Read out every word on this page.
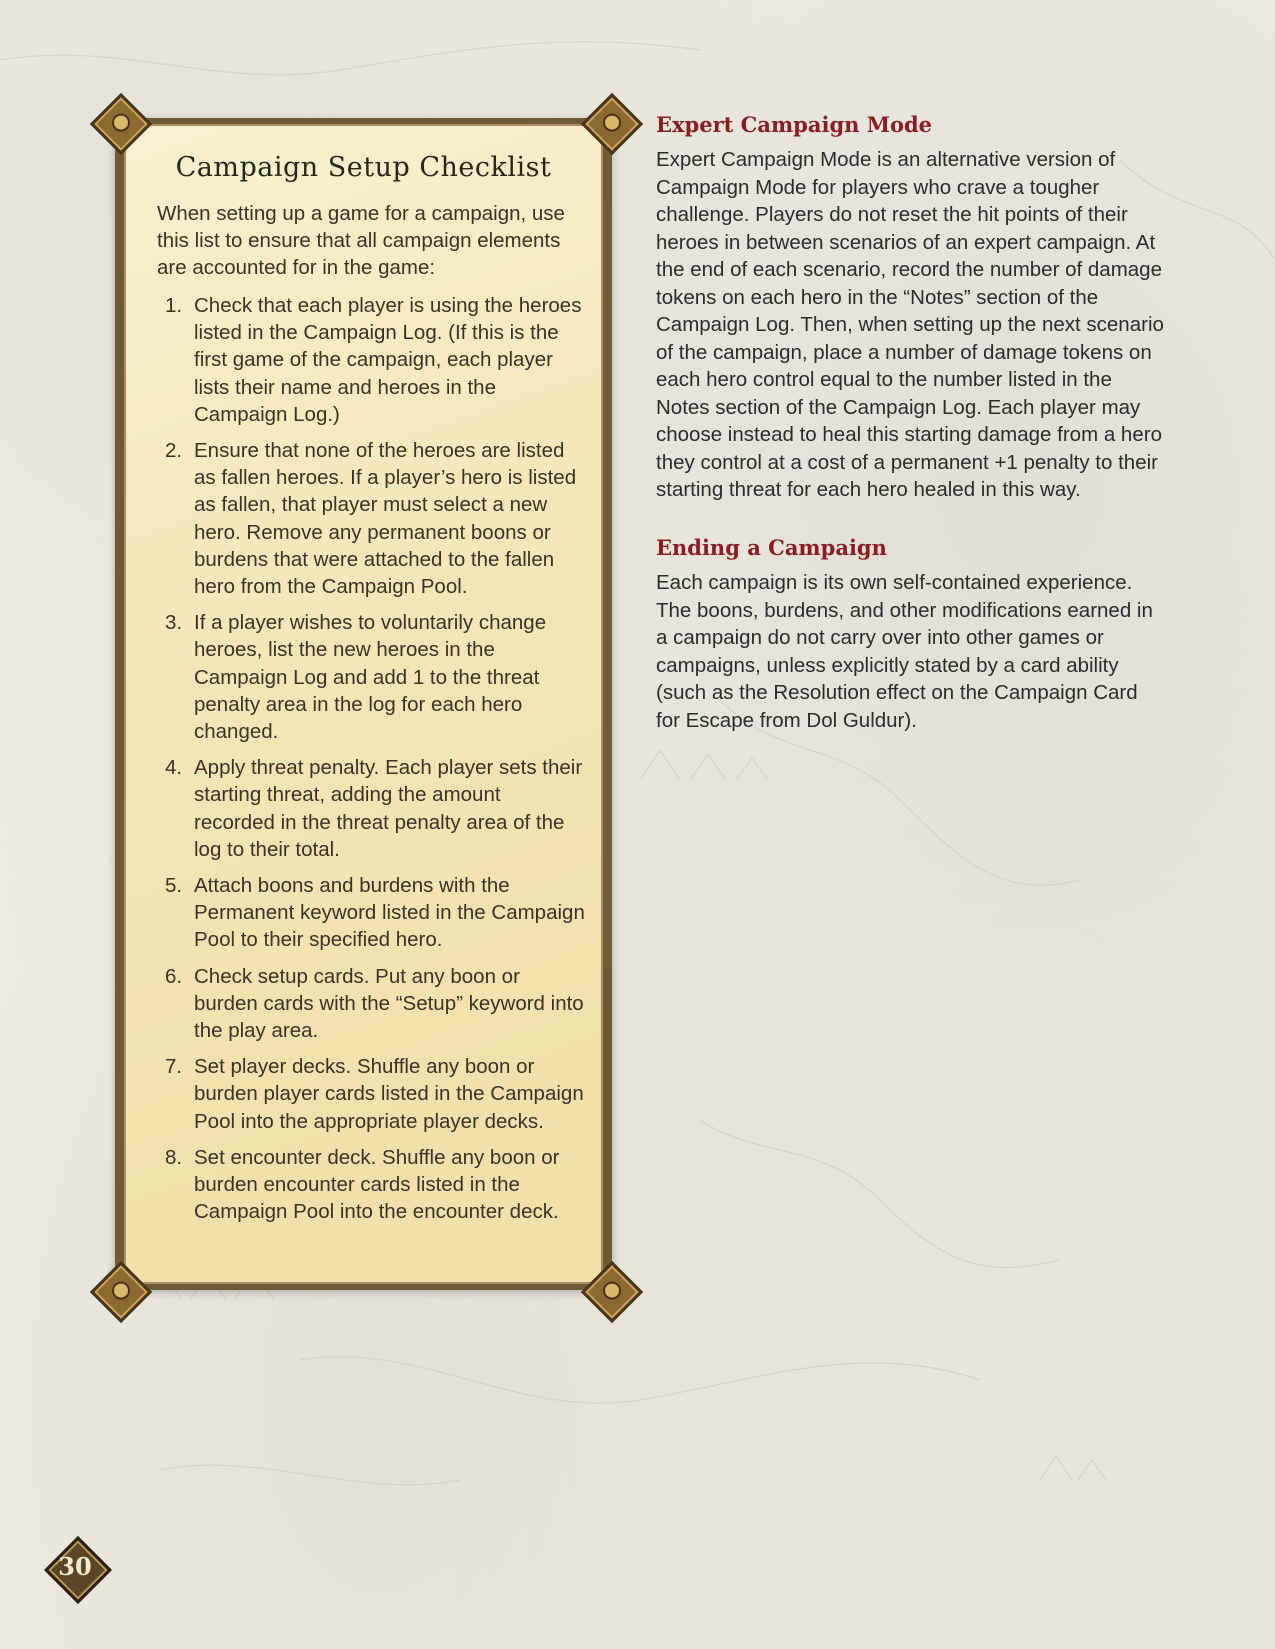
Campaign Setup Checklist
When setting up a game for a campaign, use this list to ensure that all campaign elements are accounted for in the game:
1. Check that each player is using the heroes listed in the Campaign Log. (If this is the first game of the campaign, each player lists their name and heroes in the Campaign Log.)
2. Ensure that none of the heroes are listed as fallen heroes. If a player’s hero is listed as fallen, that player must select a new hero. Remove any permanent boons or burdens that were attached to the fallen hero from the Campaign Pool.
3. If a player wishes to voluntarily change heroes, list the new heroes in the Campaign Log and add 1 to the threat penalty area in the log for each hero changed.
4. Apply threat penalty. Each player sets their starting threat, adding the amount recorded in the threat penalty area of the log to their total.
5. Attach boons and burdens with the Permanent keyword listed in the Campaign Pool to their specified hero.
6. Check setup cards. Put any boon or burden cards with the “Setup” keyword into the play area.
7. Set player decks. Shuffle any boon or burden player cards listed in the Campaign Pool into the appropriate player decks.
8. Set encounter deck. Shuffle any boon or burden encounter cards listed in the Campaign Pool into the encounter deck.
Expert Campaign Mode

Expert Campaign Mode is an alternative version of Campaign Mode for players who crave a tougher challenge. Players do not reset the hit points of their heroes in between scenarios of an expert campaign. At the end of each scenario, record the number of damage tokens on each hero in the “Notes” section of the Campaign Log. Then, when setting up the next scenario of the campaign, place a number of damage tokens on each hero control equal to the number listed in the Notes section of the Campaign Log. Each player may choose instead to heal this starting damage from a hero they control at a cost of a permanent +1 penalty to their starting threat for each hero healed in this way.

Ending a Campaign

Each campaign is its own self-contained experience. The boons, burdens, and other modifications earned in a campaign do not carry over into other games or campaigns, unless explicitly stated by a card ability (such as the Resolution effect on the Campaign Card for Escape from Dol Guldur).

30
